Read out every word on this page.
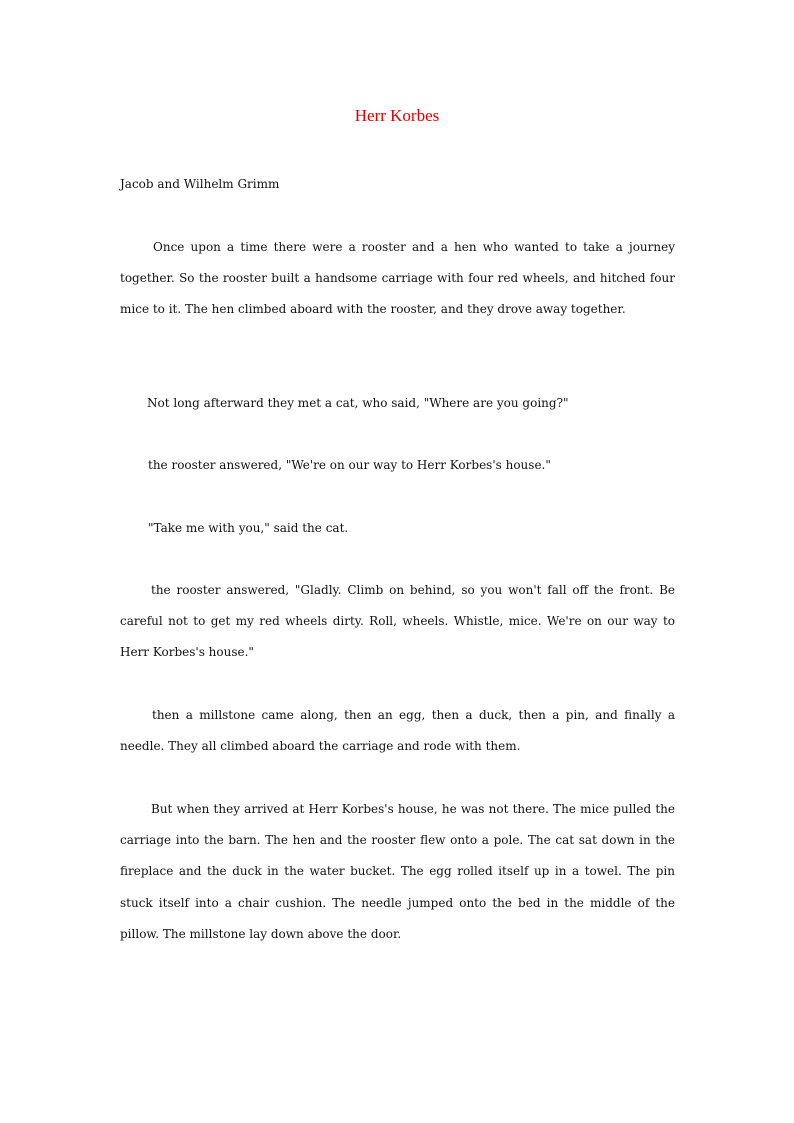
Herr Korbes
Jacob and Wilhelm Grimm

Once upon a time there were a rooster and a hen who wanted to take a journey together. So the rooster built a handsome carriage with four red wheels, and hitched four mice to it. The hen climbed aboard with the rooster, and they drove away together.

Not long afterward they met a cat, who said, "Where are you going?"

the rooster answered, "We're on our way to Herr Korbes's house."

"Take me with you," said the cat.

the rooster answered, "Gladly. Climb on behind, so you won't fall off the front. Be careful not to get my red wheels dirty. Roll, wheels. Whistle, mice. We're on our way to Herr Korbes's house."

then a millstone came along, then an egg, then a duck, then a pin, and finally a needle. They all climbed aboard the carriage and rode with them.

But when they arrived at Herr Korbes's house, he was not there. The mice pulled the carriage into the barn. The hen and the rooster flew onto a pole. The cat sat down in the fireplace and the duck in the water bucket. The egg rolled itself up in a towel. The pin stuck itself into a chair cushion. The needle jumped onto the bed in the middle of the pillow. The millstone lay down above the door.
